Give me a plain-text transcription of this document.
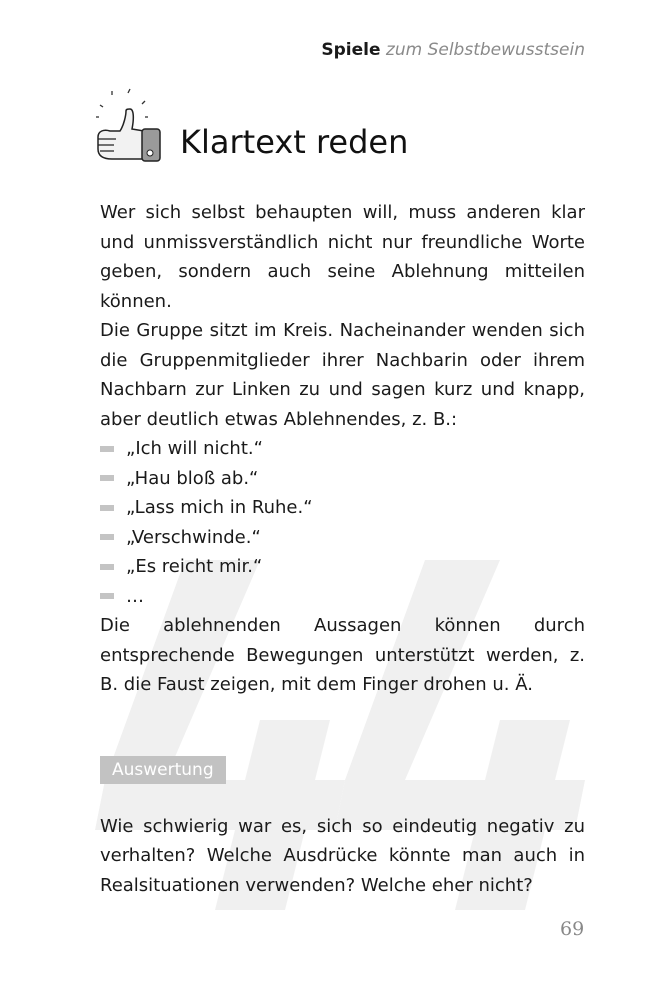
Spiele zum Selbstbewusstsein
Klartext reden

Wer sich selbst behaupten will, muss anderen klar und unmissverständlich nicht nur freundliche Worte geben, sondern auch seine Ablehnung mitteilen können.

Die Gruppe sitzt im Kreis. Nacheinander wenden sich die Gruppenmitglieder ihrer Nachbarin oder ihrem Nachbarn zur Linken zu und sagen kurz und knapp, aber deutlich etwas Ablehnendes, z. B.:

„Ich will nicht.“
„Hau bloß ab.“
„Lass mich in Ruhe.“
„Verschwinde.“
„Es reicht mir.“
…

Die ablehnenden Aussagen können durch entsprechende Bewegungen unterstützt werden, z. B. die Faust zeigen, mit dem Finger drohen u. Ä.

Auswertung

Wie schwierig war es, sich so eindeutig negativ zu verhalten? Welche Ausdrücke könnte man auch in Realsituationen verwenden? Welche eher nicht?

69
